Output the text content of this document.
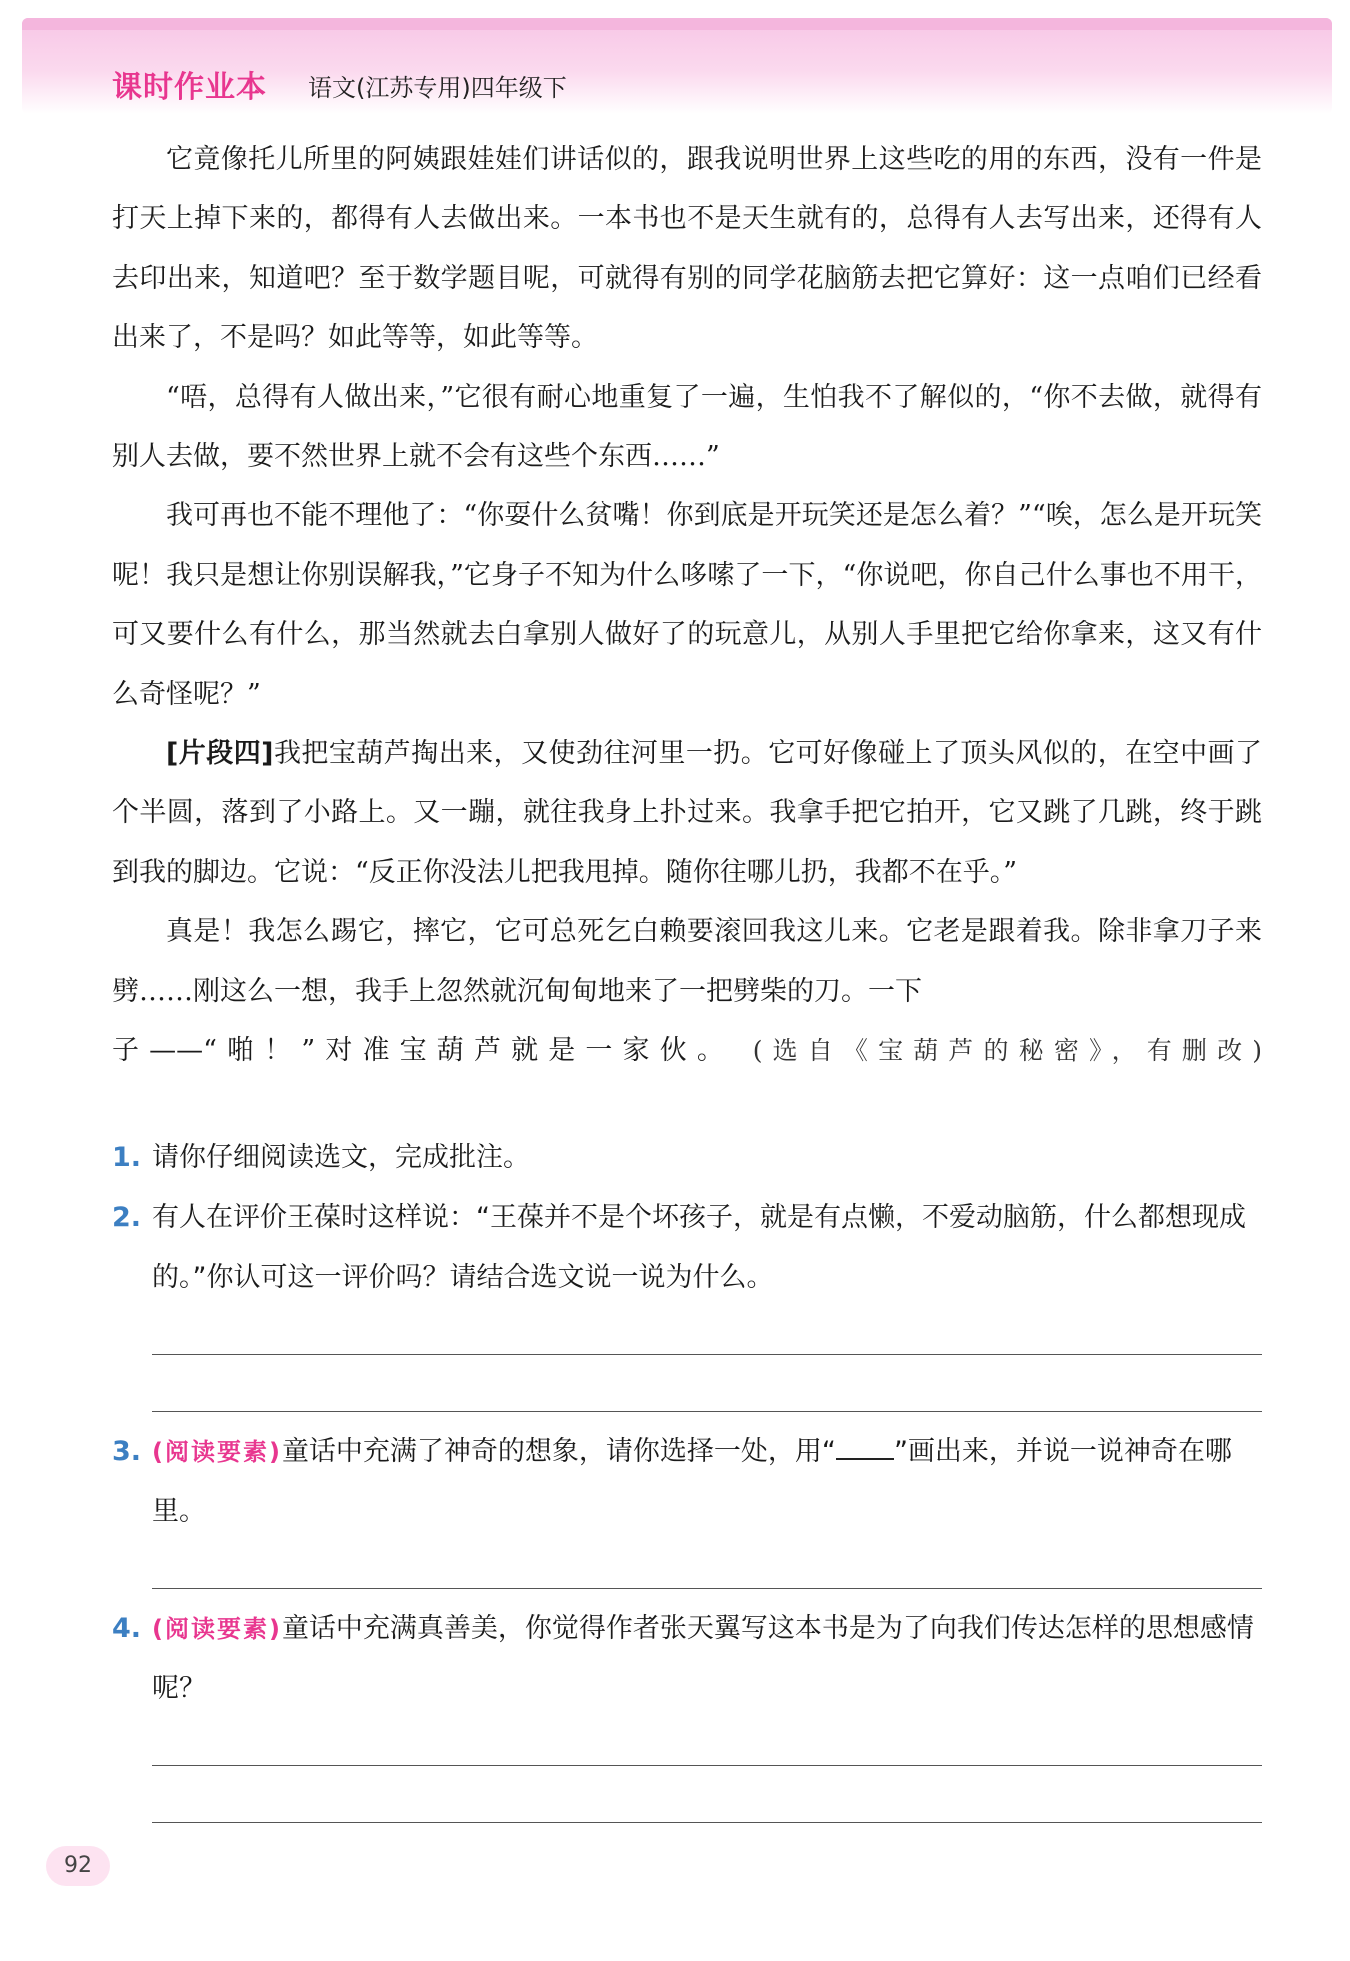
课时作业本 语文(江苏专用)四年级下

它竟像托儿所里的阿姨跟娃娃们讲话似的，跟我说明世界上这些吃的用的东西，没有一件是打天上掉下来的，都得有人去做出来。一本书也不是天生就有的，总得有人去写出来，还得有人去印出来，知道吧？至于数学题目呢，可就得有别的同学花脑筋去把它算好：这一点咱们已经看出来了，不是吗？如此等等，如此等等。

“唔，总得有人做出来，”它很有耐心地重复了一遍，生怕我不了解似的，“你不去做，就得有别人去做，要不然世界上就不会有这些个东西……”

我可再也不能不理他了：“你耍什么贫嘴！你到底是开玩笑还是怎么着？”“唉，怎么是开玩笑呢！我只是想让你别误解我，”它身子不知为什么哆嗦了一下，“你说吧，你自己什么事也不用干，可又要什么有什么，那当然就去白拿别人做好了的玩意儿，从别人手里把它给你拿来，这又有什么奇怪呢？”

[片段四]我把宝葫芦掏出来，又使劲往河里一扔。它可好像碰上了顶头风似的，在空中画了个半圆，落到了小路上。又一蹦，就往我身上扑过来。我拿手把它拍开，它又跳了几跳，终于跳到我的脚边。它说：“反正你没法儿把我甩掉。随你往哪儿扔，我都不在乎。”

真是！我怎么踢它，摔它，它可总死乞白赖要滚回我这儿来。它老是跟着我。除非拿刀子来劈……刚这么一想，我手上忽然就沉甸甸地来了一把劈柴的刀。一下

子——“啪！”对准宝葫芦就是一家伙。 (选自《宝葫芦的秘密》，有删改)

1. 请你仔细阅读选文，完成批注。
2. 有人在评价王葆时这样说：“王葆并不是个坏孩子，就是有点懒，不爱动脑筋，什么都想现成的。”你认可这一评价吗？请结合选文说一说为什么。
3. (阅读要素)童话中充满了神奇的想象，请你选择一处，用“ ”画出来，并说一说神奇在哪里。
4. (阅读要素)童话中充满真善美，你觉得作者张天翼写这本书是为了向我们传达怎样的思想感情呢？
92
